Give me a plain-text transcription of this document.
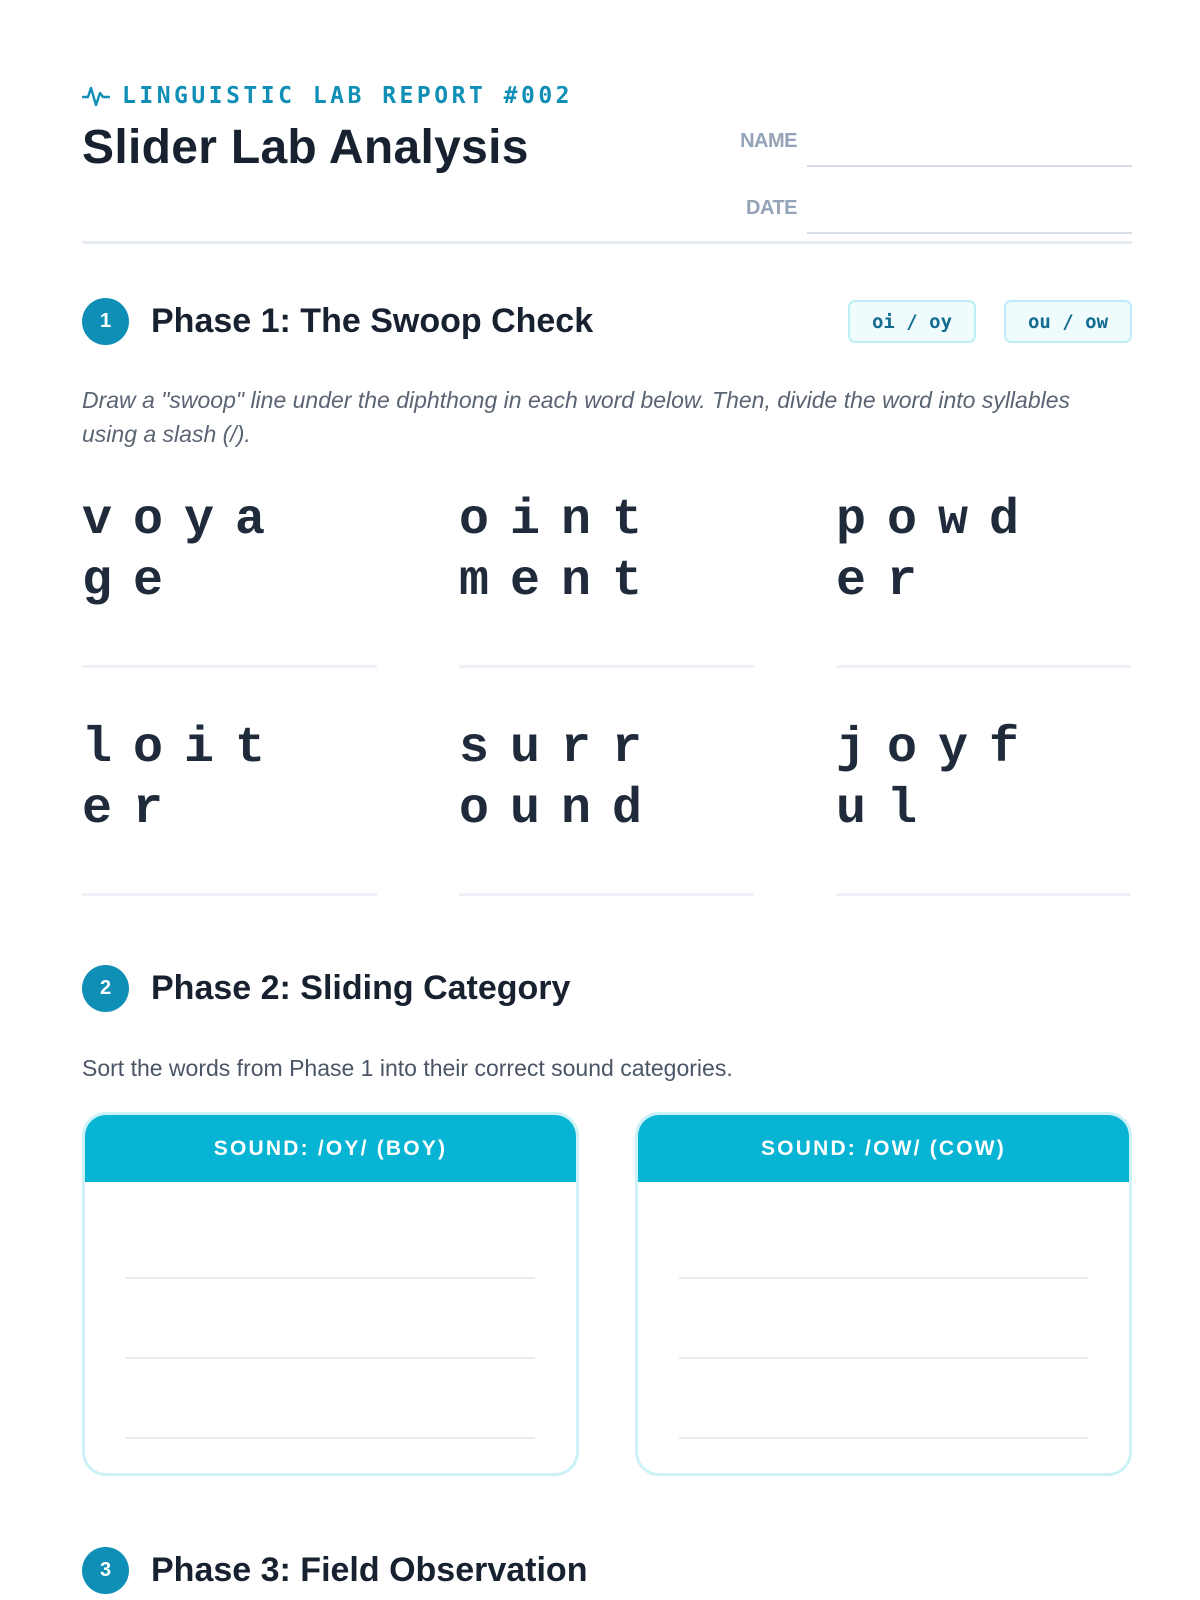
LINGUISTIC LAB REPORT #002
Slider Lab Analysis	NAME
DATE
1	Phase 1: The Swoop Check	oi / oy	ou / ow
Draw a "swoop" line under the diphthong in each word below. Then, divide the word into syllables using a slash (/).
voyage
ointment
powder
loiter
surround
joyful
2	Phase 2: Sliding Category
Sort the words from Phase 1 into their correct sound categories.
SOUND: /OY/ (BOY)	SOUND: /OW/ (COW)
3	Phase 3: Field Observation
